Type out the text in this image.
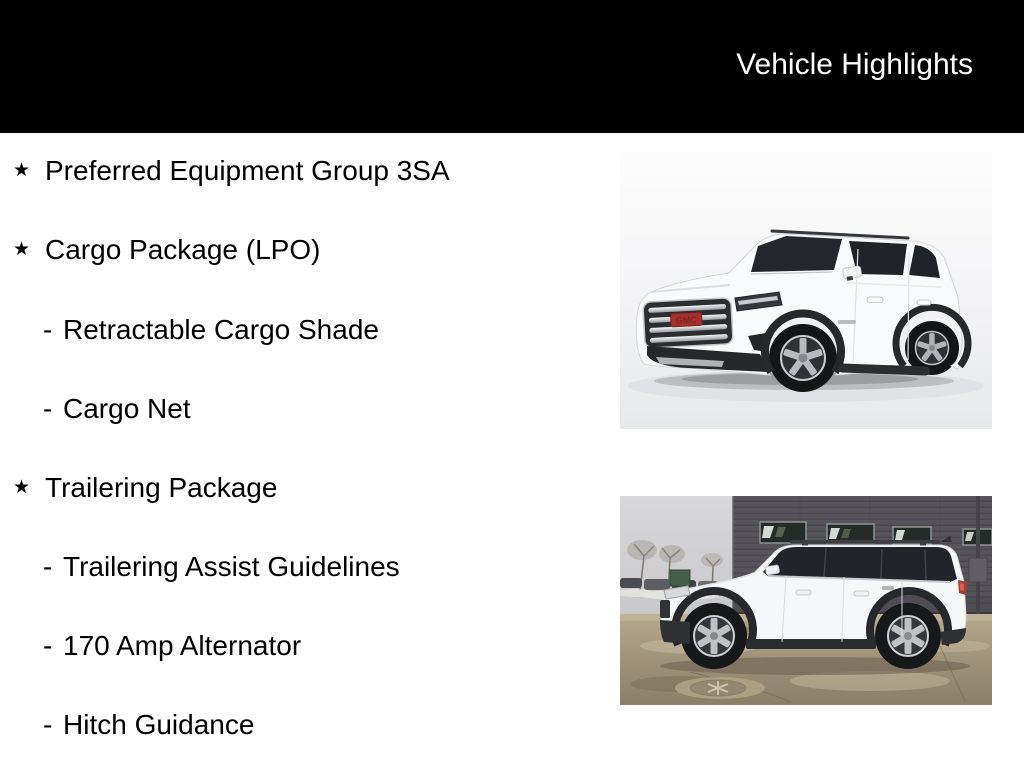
Vehicle Highlights
★ Preferred Equipment Group 3SA
★ Cargo Package (LPO)
- Retractable Cargo Shade
- Cargo Net
★ Trailering Package
- Trailering Assist Guidelines
- 170 Amp Alternator
- Hitch Guidance
GMC
